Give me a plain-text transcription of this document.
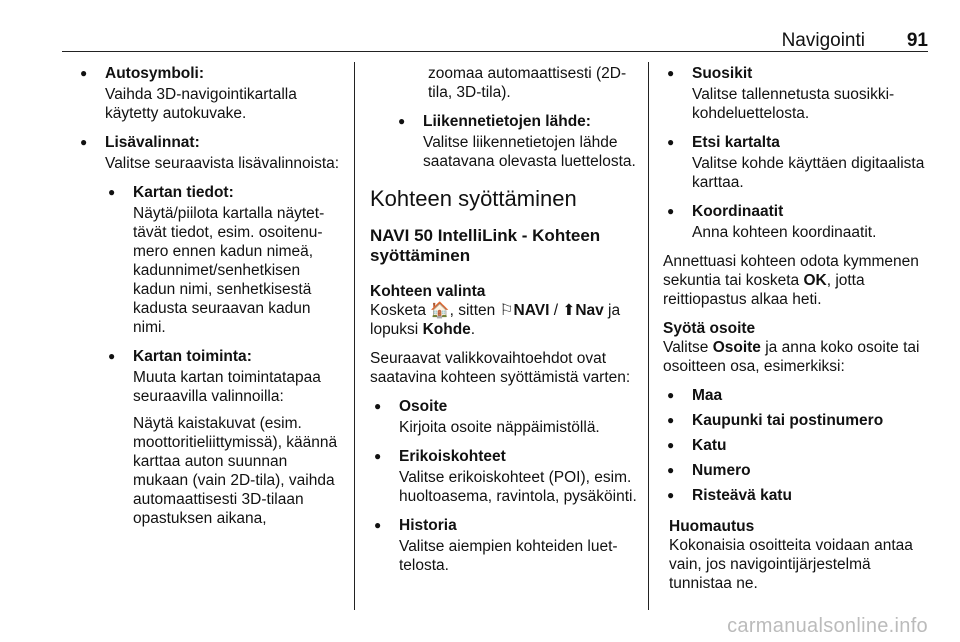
Navigointi 91
● Autosymboli:
Vaihda 3D-navigointikartalla käytetty autokuvake.
● Lisävalinnat:
Valitse seuraavista lisävalinnoista:
● Kartan tiedot:
Näytä/piilota kartalla näytettävät tiedot, esim. osoitenumero ennen kadun nimeä, kadunnimet/senhetkisen kadun nimi, senhetkisestä kadusta seuraavan kadun nimi.
● Kartan toiminta:
Muuta kartan toimintatapaa seuraavilla valinnoilla:
Näytä kaistakuvat (esim. moottoritieliittymissä), käännä karttaa auton suunnan mukaan (vain 2D-tila), vaihda automaattisesti 3D-tilaan opastuksen aikana,
zoomaa automaattisesti (2D-tila, 3D-tila).
● Liikennetietojen lähde:
Valitse liikennetietojen lähde saatavana olevasta luettelosta.
Kohteen syöttäminen
NAVI 50 IntelliLink - Kohteen syöttäminen
Kohteen valinta
Kosketa 🏠, sitten ⚐NAVI / ⬆Nav ja lopuksi Kohde.
Seuraavat valikkovaihtoehdot ovat saatavina kohteen syöttämistä varten:
● Osoite
Kirjoita osoite näppäimistöllä.
● Erikoiskohteet
Valitse erikoiskohteet (POI), esim. huoltoasema, ravintola, pysäköinti.
● Historia
Valitse aiempien kohteiden luettelosta.
● Suosikit
Valitse tallennetusta suosikkikohdeluettelosta.
● Etsi kartalta
Valitse kohde käyttäen digitaalista karttaa.
● Koordinaatit
Anna kohteen koordinaatit.
Annettuasi kohteen odota kymmenen sekuntia tai kosketa OK, jotta reittiopastus alkaa heti.
Syötä osoite
Valitse Osoite ja anna koko osoite tai osoitteen osa, esimerkiksi:
● Maa
● Kaupunki tai postinumero
● Katu
● Numero
● Risteävä katu
Huomautus
Kokonaisia osoitteita voidaan antaa vain, jos navigointijärjestelmä tunnistaa ne.
carmanualsonline.info
